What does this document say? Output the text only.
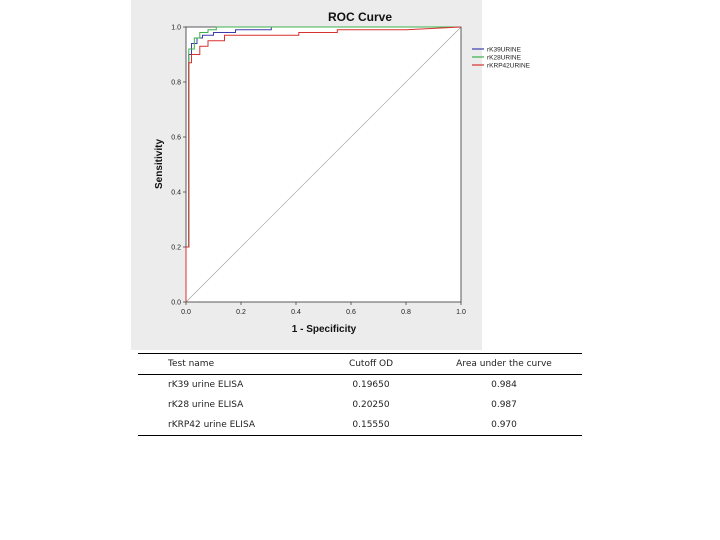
0.0	0.2	0.4	0.6	0.8	1.0
0.0
0.2
0.4
0.6
0.8
1.0
ROC Curve
1 - Specificity
Sensitivity
rK39URINE
rK28URINE
rKRP42URINE
Test name	Cutoff OD	Area under the curve
rK39 urine ELISA	0.19650	0.984
rK28 urine ELISA	0.20250	0.987
rKRP42 urine ELISA	0.15550	0.970
